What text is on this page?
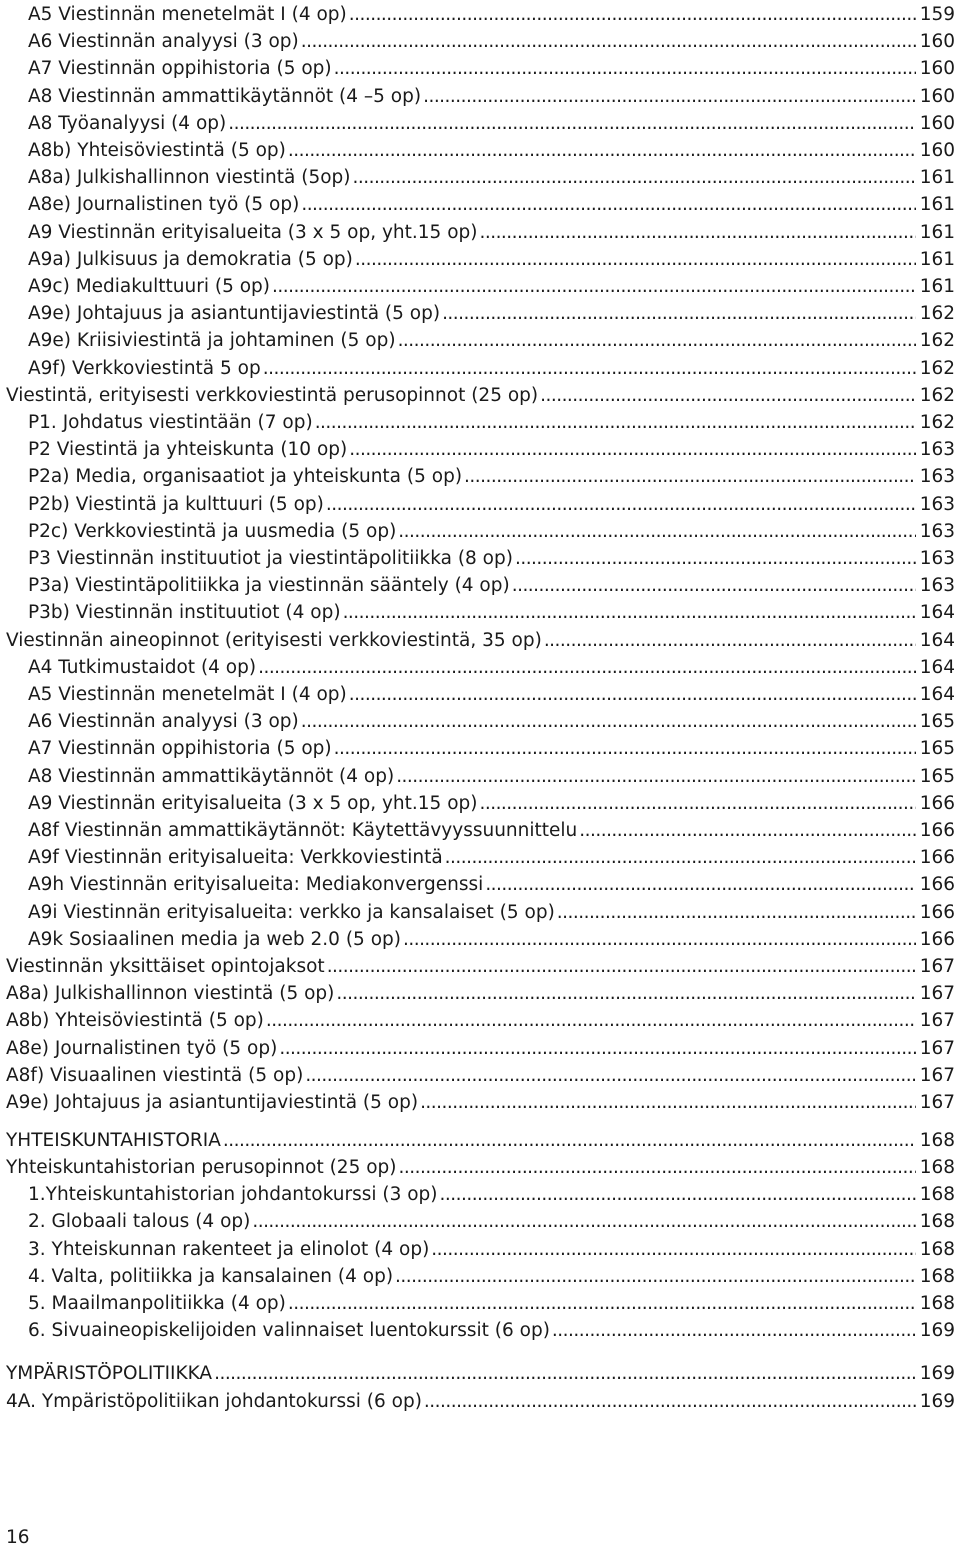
A5 Viestinnän menetelmät I (4 op) . . .	159
A6 Viestinnän analyysi (3 op) . . .	160
A7 Viestinnän oppihistoria (5 op) . . .	160
A8 Viestinnän ammattikäytännöt (4 –5 op) . . .	160
A8 Työanalyysi (4 op) . . .	160
A8b) Yhteisöviestintä (5 op) . . .	160
A8a) Julkishallinnon viestintä (5op) . . .	161
A8e) Journalistinen työ (5 op) . . .	161
A9 Viestinnän erityisalueita (3 x 5 op, yht.15 op) . . .	161
A9a) Julkisuus ja demokratia (5 op) . . .	161
A9c) Mediakulttuuri (5 op) . . .	161
A9e) Johtajuus ja asiantuntijaviestintä (5 op) . . .	162
A9e) Kriisiviestintä ja johtaminen (5 op) . . .	162
A9f) Verkkoviestintä 5 op . . .	162
Viestintä, erityisesti verkkoviestintä perusopinnot (25 op) . . .	162
P1. Johdatus viestintään (7 op) . . .	162
P2 Viestintä ja yhteiskunta (10 op) . . .	163
P2a) Media, organisaatiot ja yhteiskunta (5 op) . . .	163
P2b) Viestintä ja kulttuuri (5 op) . . .	163
P2c) Verkkoviestintä ja uusmedia (5 op) . . .	163
P3 Viestinnän instituutiot ja viestintäpolitiikka (8 op) . . .	163
P3a) Viestintäpolitiikka ja viestinnän sääntely (4 op) . . .	163
P3b) Viestinnän instituutiot (4 op) . . .	164
Viestinnän aineopinnot (erityisesti verkkoviestintä, 35 op) . . .	164
A4 Tutkimustaidot (4 op) . . .	164
A5 Viestinnän menetelmät I (4 op) . . .	164
A6 Viestinnän analyysi (3 op) . . .	165
A7 Viestinnän oppihistoria (5 op) . . .	165
A8 Viestinnän ammattikäytännöt (4 op) . . .	165
A9 Viestinnän erityisalueita (3 x 5 op, yht.15 op) . . .	166
A8f Viestinnän ammattikäytännöt: Käytettävyyssuunnittelu . . .	166
A9f Viestinnän erityisalueita: Verkkoviestintä . . .	166
A9h Viestinnän erityisalueita: Mediakonvergenssi . . .	166
A9i Viestinnän erityisalueita: verkko ja kansalaiset (5 op) . . .	166
A9k Sosiaalinen media ja web 2.0 (5 op) . . .	166
Viestinnän yksittäiset opintojaksot . . .	167
A8a) Julkishallinnon viestintä (5 op) . . .	167
A8b) Yhteisöviestintä (5 op) . . .	167
A8e) Journalistinen työ (5 op) . . .	167
A8f) Visuaalinen viestintä (5 op) . . .	167
A9e) Johtajuus ja asiantuntijaviestintä (5 op) . . .	167
YHTEISKUNTAHISTORIA . . .	168
Yhteiskuntahistorian perusopinnot (25 op) . . .	168
1.Yhteiskuntahistorian johdantokurssi (3 op) . . .	168
2. Globaali talous (4 op) . . .	168
3. Yhteiskunnan rakenteet ja elinolot (4 op) . . .	168
4. Valta, politiikka ja kansalainen (4 op) . . .	168
5. Maailmanpolitiikka (4 op) . . .	168
6. Sivuaineopiskelijoiden valinnaiset luentokurssit (6 op) . . .	169
YMPÄRISTÖPOLITIIKKA . . .	169
4A. Ympäristöpolitiikan johdantokurssi (6 op) . . .	169
16
